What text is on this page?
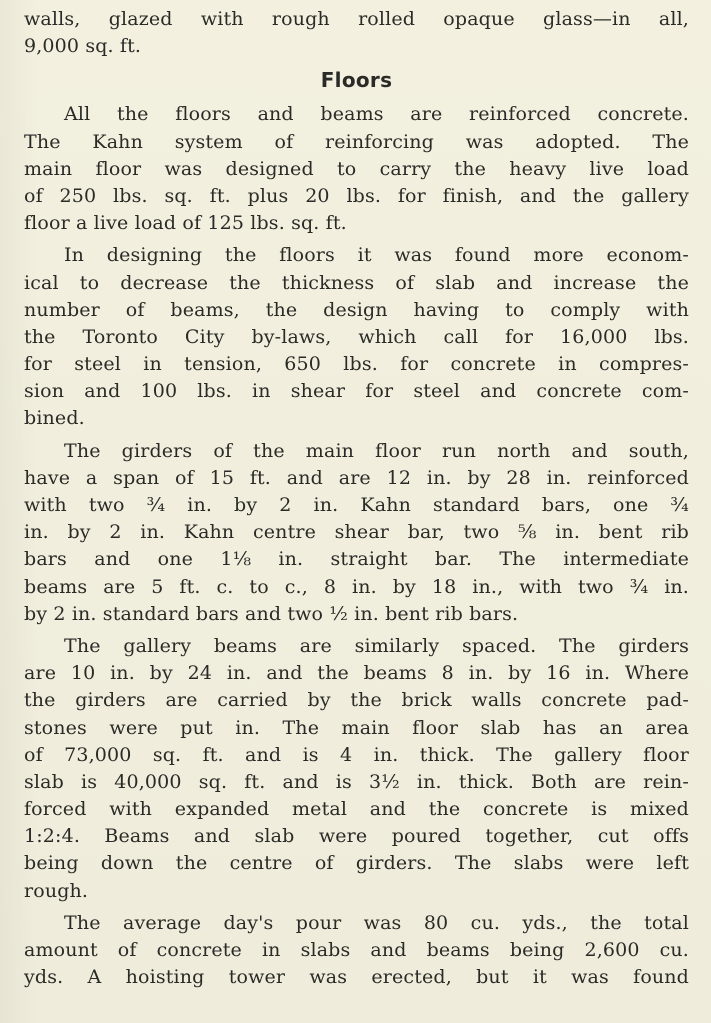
walls, glazed with rough rolled opaque glass—in all,
9,000 sq. ft.
Floors
All the floors and beams are reinforced concrete.
The Kahn system of reinforcing was adopted. The
main floor was designed to carry the heavy live load
of 250 lbs. sq. ft. plus 20 lbs. for finish, and the gallery
floor a live load of 125 lbs. sq. ft.
In designing the floors it was found more econom-
ical to decrease the thickness of slab and increase the
number of beams, the design having to comply with
the Toronto City by-laws, which call for 16,000 lbs.
for steel in tension, 650 lbs. for concrete in compres-
sion and 100 lbs. in shear for steel and concrete com-
bined.
The girders of the main floor run north and south,
have a span of 15 ft. and are 12 in. by 28 in. reinforced
with two ¾ in. by 2 in. Kahn standard bars, one ¾
in. by 2 in. Kahn centre shear bar, two ⅝ in. bent rib
bars and one 1⅛ in. straight bar. The intermediate
beams are 5 ft. c. to c., 8 in. by 18 in., with two ¾ in.
by 2 in. standard bars and two ½ in. bent rib bars.
The gallery beams are similarly spaced. The girders
are 10 in. by 24 in. and the beams 8 in. by 16 in. Where
the girders are carried by the brick walls concrete pad-
stones were put in. The main floor slab has an area
of 73,000 sq. ft. and is 4 in. thick. The gallery floor
slab is 40,000 sq. ft. and is 3½ in. thick. Both are rein-
forced with expanded metal and the concrete is mixed
1:2:4. Beams and slab were poured together, cut offs
being down the centre of girders. The slabs were left
rough.
The average day's pour was 80 cu. yds., the total
amount of concrete in slabs and beams being 2,600 cu.
yds. A hoisting tower was erected, but it was found
